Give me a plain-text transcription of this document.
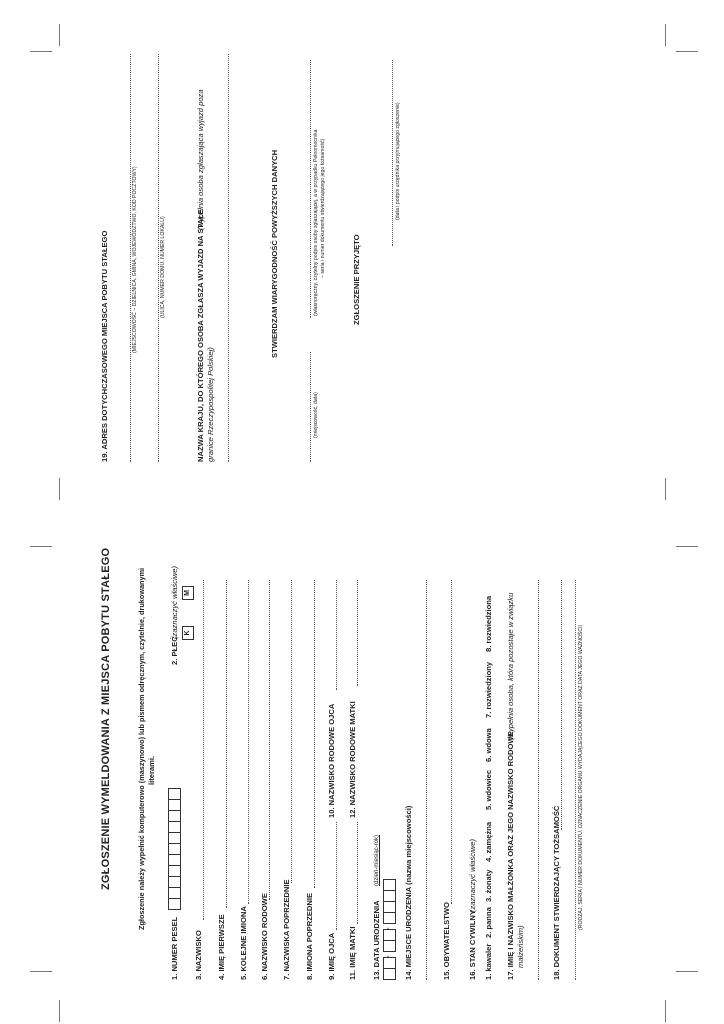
ZGŁOSZENIE WYMELDOWANIA Z MIEJSCA POBYTU STAŁEGO	Zgłoszenie należy wypełnić komputerowo (maszynowo) lub pismem odręcznym, czytelnie, drukowanymi literami.
1. NUMER PESEL
2. PŁEĆ
(zaznaczyć właściwe) K
M
3. NAZWISKO 4. IMIĘ PIERWSZE 5. KOLEJNE IMIONA 6. NAZWISKO RODOWE 7. NAZWISKA POPRZEDNIE 8. IMIONA POPRZEDNIE 9. IMIĘ OJCA
10. NAZWISKO RODOWE OJCA
11. IMIĘ MATKI
12. NAZWISKO RODOWE MATKI
13. DATA URODZENIA
(dzień-miesiąc-rok)
-
- 14. MIEJSCE URODZENIA (nazwa miejscowości)	15. OBYWATELSTWO 16. STAN CYWILNY
(zaznaczyć właściwe)
1. kawaler
2. panna
3. żonaty
4. zamężna
5. wdowiec
6. wdowa
7. rozwiedziony
8. rozwiedziona
17. IMIĘ I NAZWISKO MAŁŻONKA ORAZ JEGO NAZWISKO RODOWE
(wypełnia osoba, która pozostaje w związku
małżeńskim)	18. DOKUMENT STWIERDZAJĄCY TOŻSAMOŚĆ	(RODZAJ, SERIA I NUMER DOKUMENTU, OZNACZENIE ORGANU WYDAJĄCEGO DOKUMENT ORAZ DATA JEGO WAŻNOŚCI)
19. ADRES DOTYCHCZASOWEGO MIEJSCA POBYTU STAŁEGO	(MIEJSCOWOŚĆ – DZIELNICA, GMINA, WOJEWÓDZTWO, KOD POCZTOWY)	(ULICA, NUMER DOMU, NUMER LOKALU)	NAZWA KRAJU, DO KTÓREGO OSOBA ZGŁASZA WYJAZD NA STAŁE
(wypełnia osoba zgłaszająca wyjazd poza
granice Rzeczypospolitej Polskiej)
STWIERDZAM WIARYGODNOŚĆ POWYŻSZYCH DANYCH
(miejscowość, data)
(własnoręczny, czytelny podpis osoby zgłaszającej, a w przypadku Pełnomocnika – seria i numer dokumentu stwierdzającego jego tożsamość)
ZGŁOSZENIE PRZYJĘTO
(data i podpis urzędnika przyjmującego zgłoszenie)
